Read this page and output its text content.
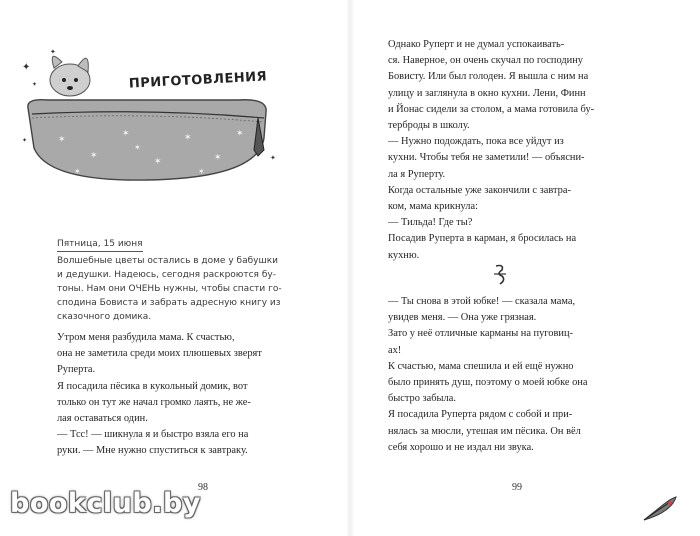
✦
✦
✦
✦
✦	✶
✶
✶
✶
✶
✶
✶
✶
✶
✶
ПРИГОТОВЛЕНИЯ
Пятница, 15 июня
Волшебные цветы остались в доме у бабушки
и дедушки. Надеюсь, сегодня раскроются бу-
тоны. Нам они ОЧЕНЬ нужны, чтобы спасти го-
сподина Бовиста и забрать адресную книгу из
сказочного домика.
Утром меня разбудила мама. К счастью,
она не заметила среди моих плюшевых зверят
Руперта.
Я посадила пёсика в кукольный домик, вот
только он тут же начал громко лаять, не же-
лая оставаться один.
— Тсс! — шикнула я и быстро взяла его на
руки. — Мне нужно спуститься к завтраку.
98
Однако Руперт и не думал успокаивать-
ся. Наверное, он очень скучал по господину
Бовисту. Или был голоден. Я вышла с ним на
улицу и заглянула в окно кухни. Лени, Финн
и Йонас сидели за столом, а мама готовила бу-
терброды в школу.
— Нужно подождать, пока все уйдут из
кухни. Чтобы тебя не заметили! — объясни-
ла я Руперту.
Когда остальные уже закончили с завтра-
ком, мама крикнула:
— Тильда! Где ты?
Посадив Руперта в карман, я бросилась на
кухню.
— Ты снова в этой юбке! — сказала мама,
увидев меня. — Она уже грязная.
Зато у неё отличные карманы на пуговиц-
ах!
К счастью, мама спешила и ей ещё нужно
было принять душ, поэтому о моей юбке она
быстро забыла.
Я посадила Руперта рядом с собой и при-
нялась за мюсли, утешая им пёсика. Он вёл
себя хорошо и не издал ни звука.
99
bookclub.by
